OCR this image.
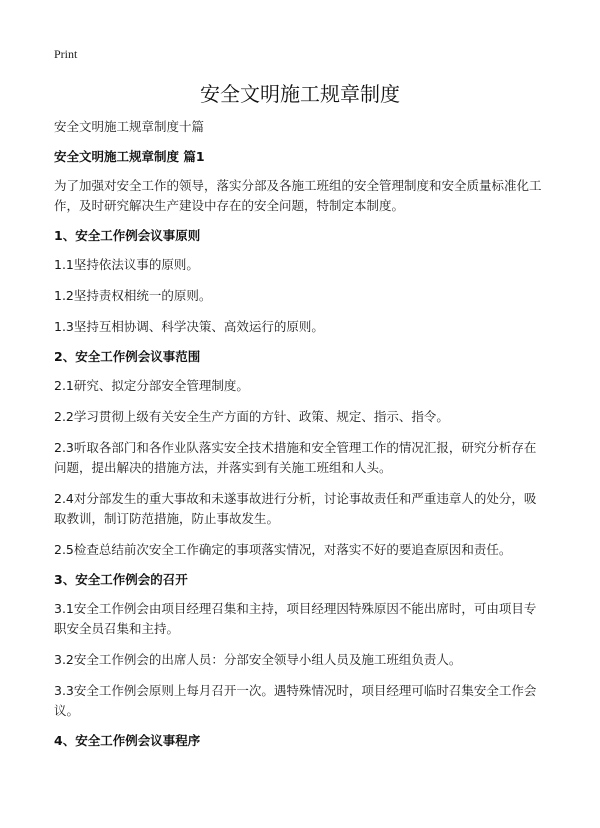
Print
安全文明施工规章制度
安全文明施工规章制度十篇
安全文明施工规章制度 篇1
为了加强对安全工作的领导，落实分部及各施工班组的安全管理制度和安全质量标准化工作，及时研究解决生产建设中存在的安全问题，特制定本制度。
1、安全工作例会议事原则
1.1坚持依法议事的原则。
1.2坚持责权相统一的原则。
1.3坚持互相协调、科学决策、高效运行的原则。
2、安全工作例会议事范围
2.1研究、拟定分部安全管理制度。
2.2学习贯彻上级有关安全生产方面的方针、政策、规定、指示、指令。
2.3听取各部门和各作业队落实安全技术措施和安全管理工作的情况汇报，研究分析存在问题，提出解决的措施方法，并落实到有关施工班组和人头。
2.4对分部发生的重大事故和未遂事故进行分析，讨论事故责任和严重违章人的处分，吸取教训，制订防范措施，防止事故发生。
2.5检查总结前次安全工作确定的事项落实情况，对落实不好的要追查原因和责任。
3、安全工作例会的召开
3.1安全工作例会由项目经理召集和主持，项目经理因特殊原因不能出席时，可由项目专职安全员召集和主持。
3.2安全工作例会的出席人员：分部安全领导小组人员及施工班组负责人。
3.3安全工作例会原则上每月召开一次。遇特殊情况时，项目经理可临时召集安全工作会议。
4、安全工作例会议事程序
